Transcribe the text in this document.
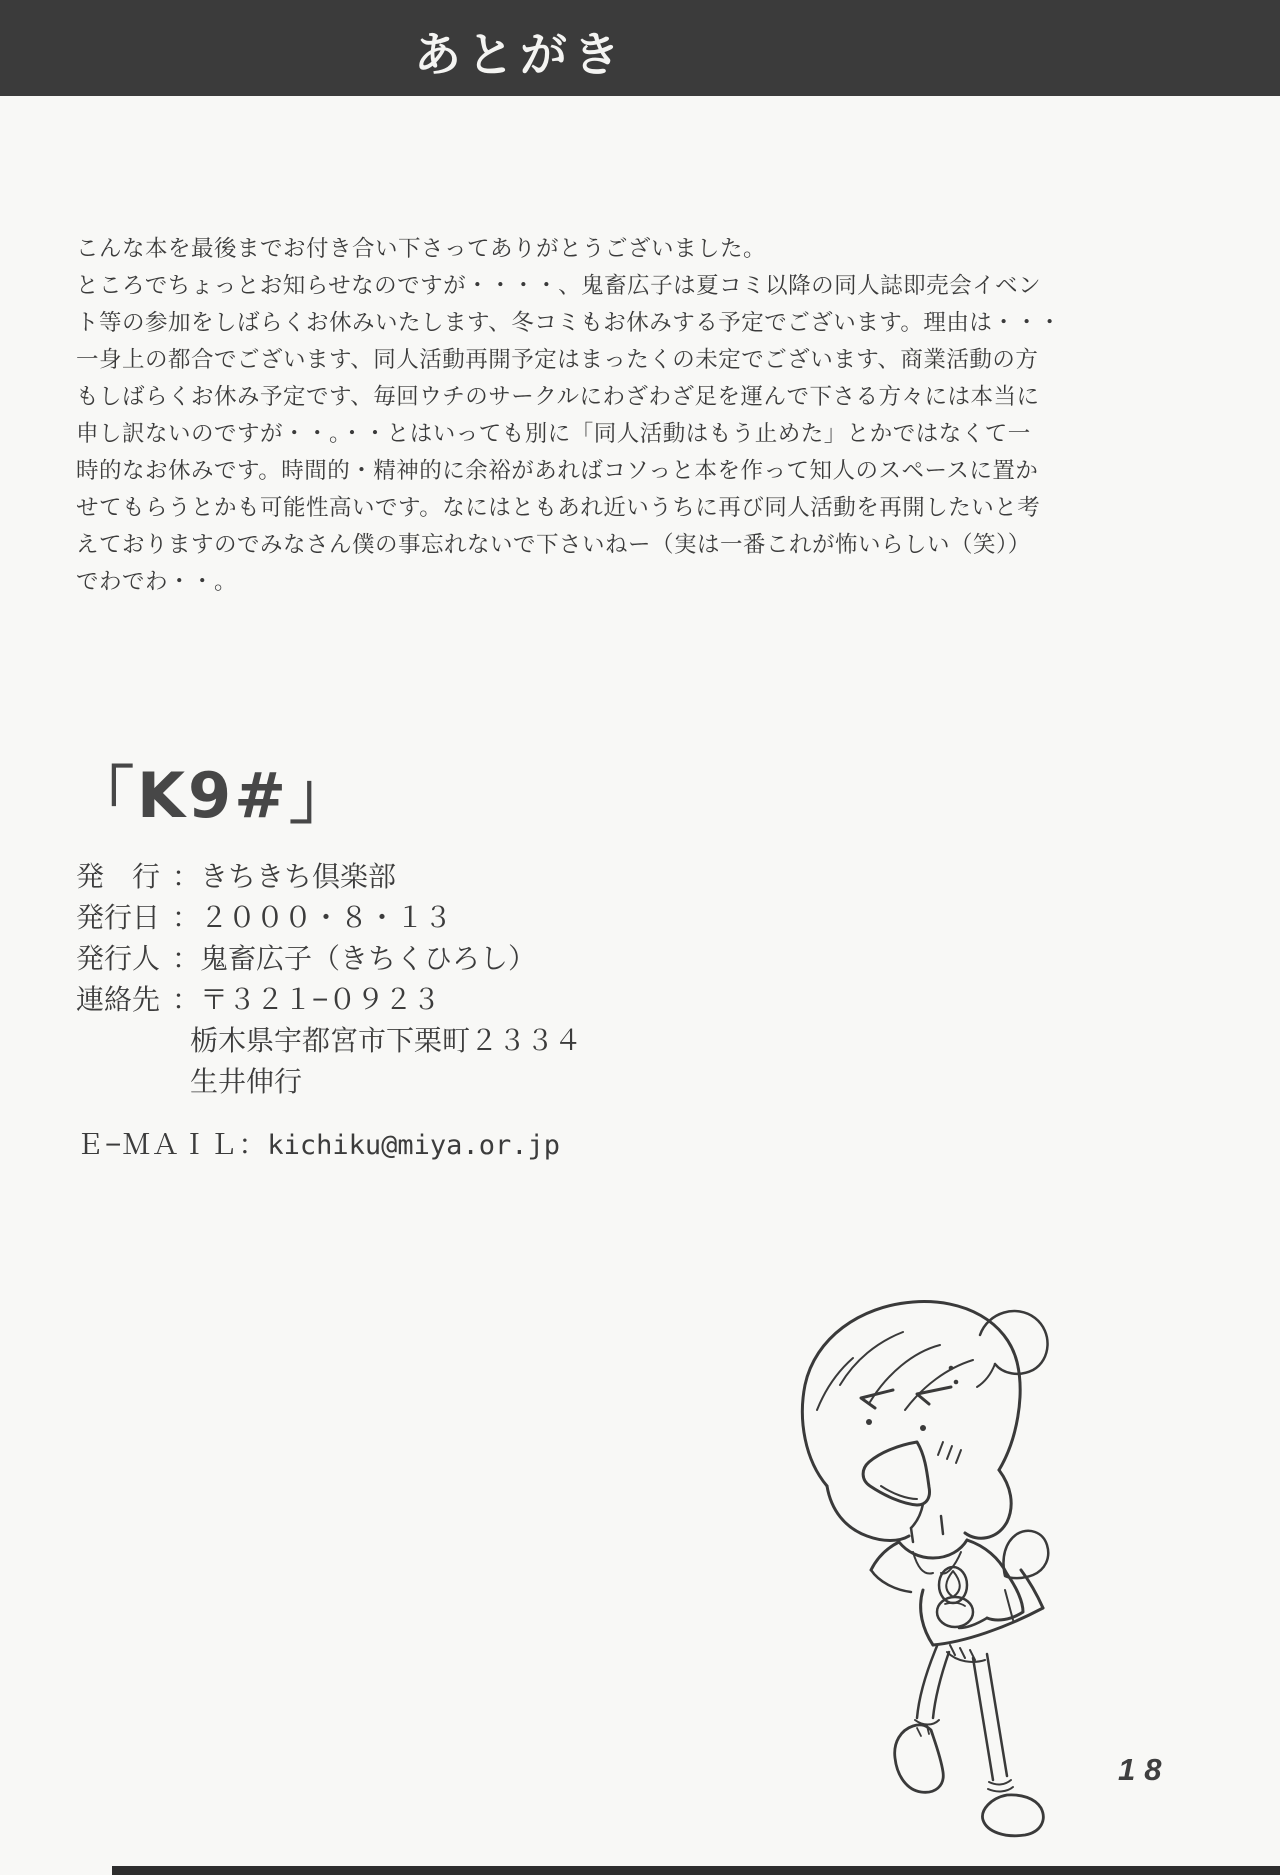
あとがき
こんな本を最後までお付き合い下さってありがとうございました。
ところでちょっとお知らせなのですが・・・・、鬼畜広子は夏コミ以降の同人誌即売会イベン
ト等の参加をしばらくお休みいたします、冬コミもお休みする予定でございます。理由は・・・
一身上の都合でございます、同人活動再開予定はまったくの未定でございます、商業活動の方
もしばらくお休み予定です、毎回ウチのサークルにわざわざ足を運んで下さる方々には本当に
申し訳ないのですが・・。・・とはいっても別に「同人活動はもう止めた」とかではなくて一
時的なお休みです。時間的・精神的に余裕があればコソっと本を作って知人のスペースに置か
せてもらうとかも可能性高いです。なにはともあれ近いうちに再び同人活動を再開したいと考
えておりますのでみなさん僕の事忘れないで下さいねー（実は一番これが怖いらしい（笑））
でわでわ・・。
「K9#」
発　行 ：きちきち倶楽部
発行日 ：２０００・８・１３
発行人 ：鬼畜広子（きちくひろし）
連絡先 ：〒３２１−０９２３
栃木県宇都宮市下栗町２３３４
生井伸行
Ｅ−ＭＡＩＬ：kichiku@miya.or.jp
18
